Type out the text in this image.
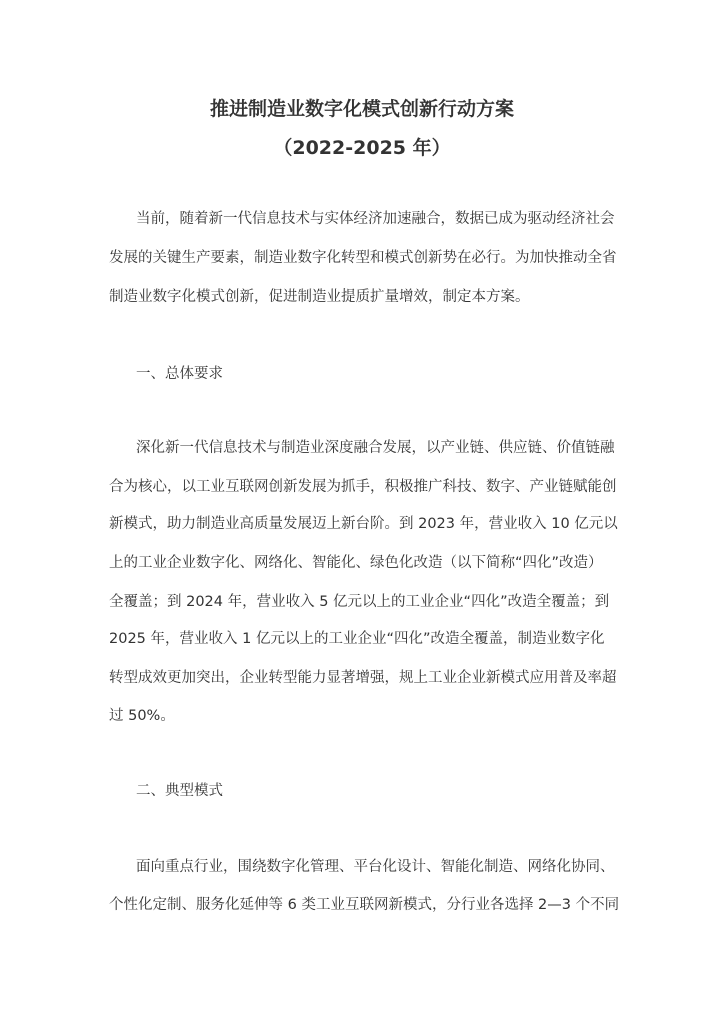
推进制造业数字化模式创新行动方案
（2022-2025 年）
当前，随着新一代信息技术与实体经济加速融合，数据已成为驱动经济社会
发展的关键生产要素，制造业数字化转型和模式创新势在必行。为加快推动全省
制造业数字化模式创新，促进制造业提质扩量增效，制定本方案。
一、总体要求
深化新一代信息技术与制造业深度融合发展，以产业链、供应链、价值链融
合为核心，以工业互联网创新发展为抓手，积极推广科技、数字、产业链赋能创
新模式，助力制造业高质量发展迈上新台阶。到 2023 年，营业收入 10 亿元以
上的工业企业数字化、网络化、智能化、绿色化改造（以下简称“四化”改造）
全覆盖；到 2024 年，营业收入 5 亿元以上的工业企业“四化”改造全覆盖；到
2025 年，营业收入 1 亿元以上的工业企业“四化”改造全覆盖，制造业数字化
转型成效更加突出，企业转型能力显著增强，规上工业企业新模式应用普及率超
过 50%。
二、典型模式
面向重点行业，围绕数字化管理、平台化设计、智能化制造、网络化协同、
个性化定制、服务化延伸等 6 类工业互联网新模式，分行业各选择 2—3 个不同
